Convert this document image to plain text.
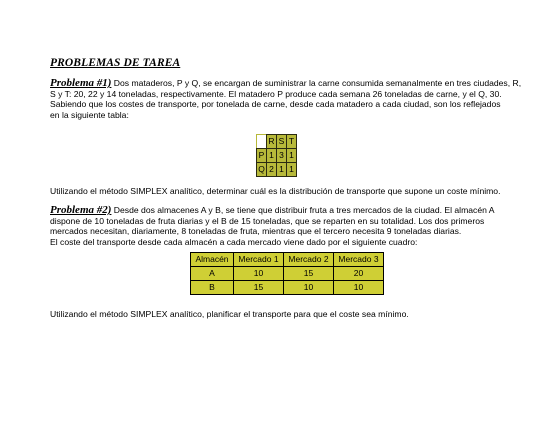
PROBLEMAS DE TAREA
Problema #1) Dos mataderos, P y Q, se encargan de suministrar la carne consumida semanalmente en tres ciudades, R,
S y T: 20, 22 y 14 toneladas, respectivamente. El matadero P produce cada semana 26 toneladas de carne, y el Q, 30.
Sabiendo que los costes de transporte, por tonelada de carne, desde cada matadero a cada ciudad, son los reflejados
en la siguiente tabla:
	R	S	T
P	1	3	1
Q	2	1	1
Utilizando el método SIMPLEX analítico, determinar cuál es la distribución de transporte que supone un coste mínimo.
Problema #2) Desde dos almacenes A y B, se tiene que distribuir fruta a tres mercados de la ciudad. El almacén A
dispone de 10 toneladas de fruta diarias y el B de 15 toneladas, que se reparten en su totalidad. Los dos primeros
mercados necesitan, diariamente, 8 toneladas de fruta, mientras que el tercero necesita 9 toneladas diarias.
El coste del transporte desde cada almacén a cada mercado viene dado por el siguiente cuadro:
Almacén	Mercado 1	Mercado 2	Mercado 3
A	10	15	20
B	15	10	10
Utilizando el método SIMPLEX analítico, planificar el transporte para que el coste sea mínimo.
